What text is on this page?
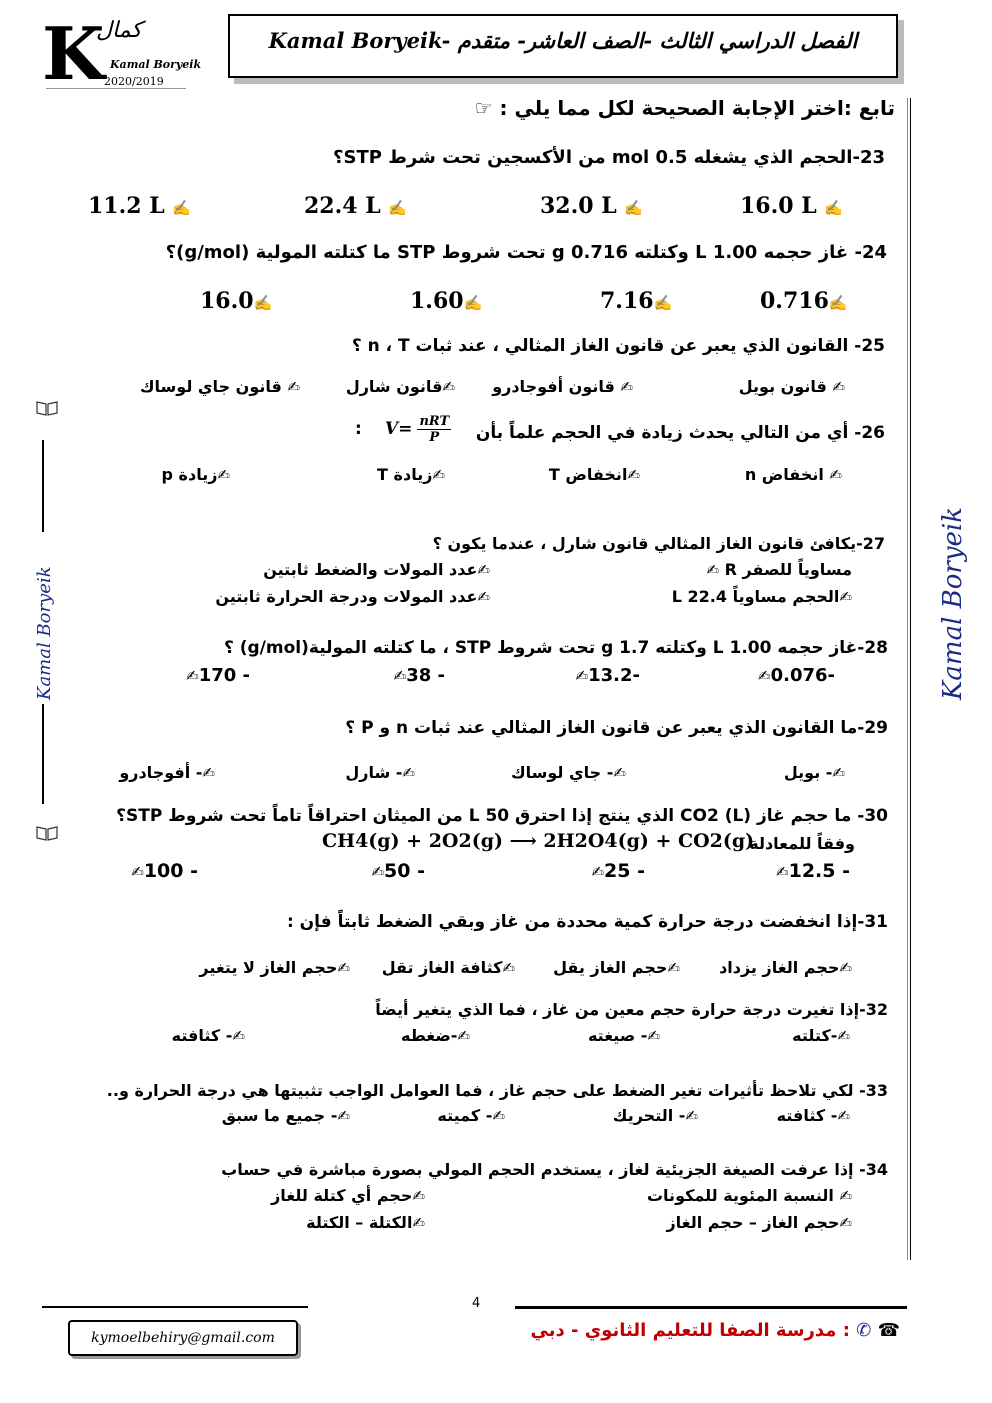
Kamal Boryeik- الفصل الدراسي الثالث -الصف العاشر- متقدم
K
كمال
Kamal Boryeik
2020/2019
Kamal Boryeik
Kamal Boryeik
تابع :اختر الإجابة الصحيحة لكل مما يلي : ☞
23-الحجم الذي يشغله 0.5 mol من الأكسجين تحت شرط STP؟
16.0 L ✍
32.0 L ✍
22.4 L ✍
11.2 L ✍
24- غاز حجمه 1.00 L وكتلته 0.716 g تحت شروط STP ما كتلته المولية (g/mol)؟
0.716✍
7.16✍
1.60✍
16.0✍
25- القانون الذي يعبر عن قانون الغاز المثالي ، عند ثبات n ، T ؟
✍ قانون بويل
✍ قانون أفوجادرو
✍قانون شارل
✍ قانون جاي لوساك
26- أي من التالي يحدث زيادة في الحجم علماً بأن
: $V= \frac{\text{nRT}}{P}$
✍ انخفاض n
✍انخفاض T
✍زيادة T
✍زيادة p
27-يكافئ قانون الغاز المثالي قانون شارل ، عندما يكون ؟
✍ R مساوياً للصفر
✍عدد المولات والضغط ثابتين
✍الحجم مساوياً 22.4 L
✍عدد المولات ودرجة الحرارة ثابتين
28-غاز حجمه 1.00 L وكتلته 1.7 g تحت شروط STP ، ما كتلته المولية(g/mol) ؟
✍0.076-
✍13.2-
✍38 -
✍170 -
29-ما القانون الذي يعبر عن قانون الغاز المثالي عند ثبات n و P ؟
✍- بويل
✍- جاي لوساك
✍- شارل
✍- أفوجادرو
30- ما حجم غاز CO2 (L) الذي ينتج إذا احترق 50 L من الميثان احتراقاً تاماً تحت شروط STP؟
وفقاً للمعادلة
CH4(g) + 2O2(g) ⟶ 2H2O4(g) + CO2(g)
✍12.5 -
✍25 -
✍50 -
✍100 -
31-إذا انخفضت درجة حرارة كمية محددة من غاز وبقي الضغط ثابتاً فإن :
✍حجم الغاز يزداد
✍حجم الغاز يقل
✍كثافة الغاز تقل
✍حجم الغاز لا يتغير
32-إذا تغيرت درجة حرارة حجم معين من غاز ، فما الذي يتغير أيضاً
✍-كتلته
✍- صيغته
✍-ضغطه
✍- كثافته
33- لكي تلاحظ تأثيرات تغير الضغط على حجم غاز ، فما العوامل الواجب تثبيتها هي درجة الحرارة و..
✍- كثافته
✍- التحريك
✍- كميته
✍- جميع ما سبق
34- إذا عرفت الصيغة الجزيئية لغاز ، يستخدم الحجم المولي بصورة مباشرة في حساب
✍ النسبة المئوية للمكونات
✍حجم أي كتلة للغاز
✍حجم الغاز – حجم الغاز
✍الكتلة – الكتلة
4
kymoelbehiry@gmail.com	☎ ✆ : مدرسة الصفا للتعليم الثانوي - دبي
